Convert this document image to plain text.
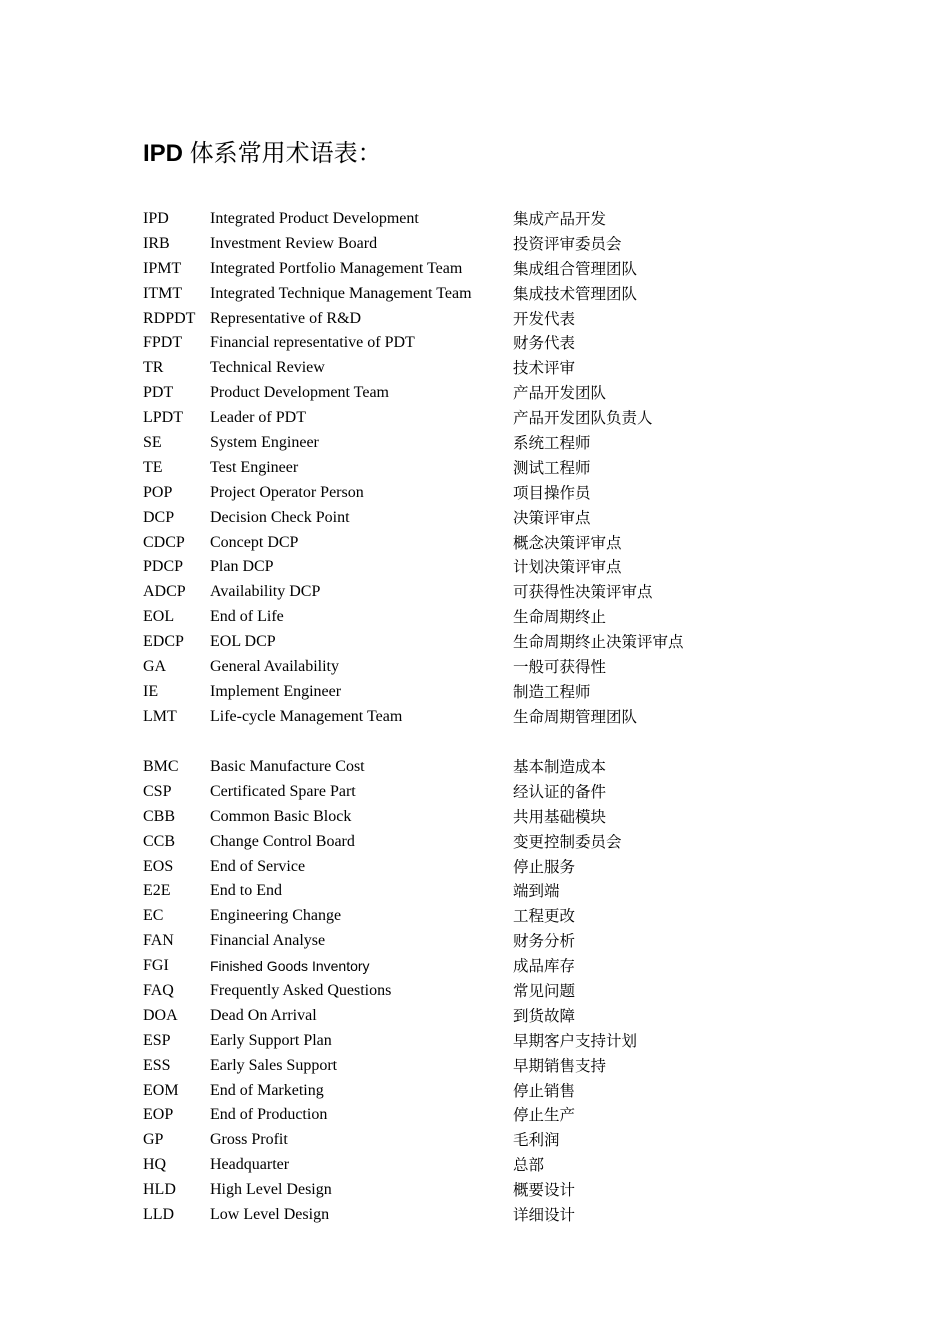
IPD 体系常用术语表：
IPD	Integrated Product Development	集成产品开发
IRB	Investment Review Board	投资评审委员会
IPMT Integrated Portfolio Management Team	集成组合管理团队
ITMT Integrated Technique Management Team	集成技术管理团队
RDPDT Representative of R&D	开发代表
FPDT Financial representative of PDT	财务代表
TR	Technical Review	技术评审
PDT Product Development Team	产品开发团队
LPDT Leader of PDT	产品开发团队负责人
SE	System Engineer	系统工程师
TE	Test Engineer	测试工程师
POP Project Operator Person	项目操作员
DCP Decision Check Point	决策评审点
CDCP Concept DCP	概念决策评审点
PDCP Plan DCP	计划决策评审点
ADCP Availability DCP	可获得性决策评审点
EOL End of Life	生命周期终止
EDCP EOL DCP	生命周期终止决策评审点
GA	General Availability	一般可获得性
IE	Implement Engineer	制造工程师
LMT Life-cycle Management Team	生命周期管理团队
BMC Basic Manufacture Cost	基本制造成本
CSP Certificated Spare Part	经认证的备件
CBB Common Basic Block	共用基础模块
CCB Change Control Board	变更控制委员会
EOS End of Service	停止服务
E2E End to End	端到端
EC	Engineering Change	工程更改
FAN Financial Analyse	财务分析
FGI	Finished Goods Inventory	成品库存
FAQ Frequently Asked Questions	常见问题
DOA Dead On Arrival	到货故障
ESP Early Support Plan	早期客户支持计划
ESS Early Sales Support	早期销售支持
EOM End of Marketing	停止销售
EOP End of Production	停止生产
GP	Gross Profit	毛利润
HQ	Headquarter	总部
HLD High Level Design	概要设计
LLD Low Level Design	详细设计
